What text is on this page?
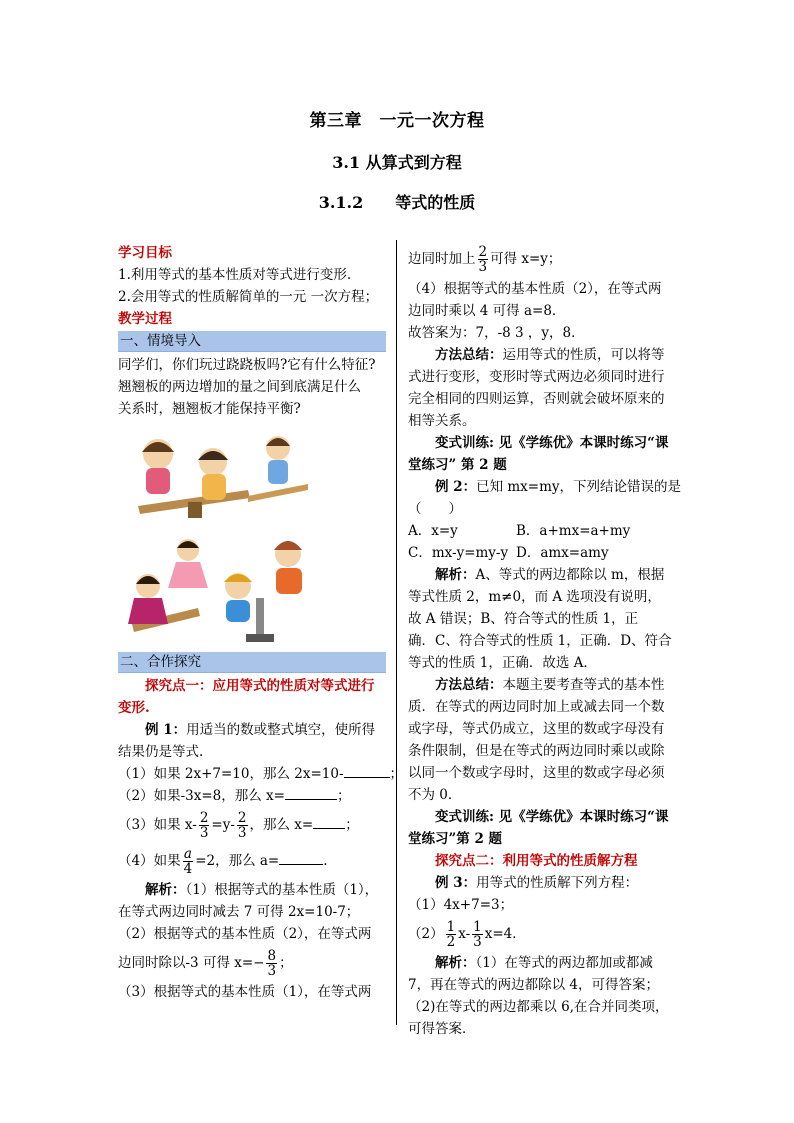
第三章　一元一次方程
3.1 从算式到方程
3.1.2　　等式的性质

学习目标

1.利用等式的基本性质对等式进行变形.

2.会用等式的性质解简单的一元 一次方程；

教学过程

一、情境导入

同学们，你们玩过跷跷板吗?它有什么特征?

翘翘板的两边增加的量之间到底满足什么

关系时，翘翘板才能保持平衡?

二、合作探究

探究点一：应用等式的性质对等式进行

变形.

例 1：用适当的数或整式填空，使所得

结果仍是等式.

（1）如果 2x+7=10，那么 2x=10-	；

（2）如果-3x=8，那么 x=	；

（3）如果 $x- \frac{2}{3} =y- \frac{2}{3}$ ，那么 x= ；

（4）如果 $\frac{a}{4} =2$，那么 a=	.

解析：（1）根据等式的基本性质（1），

在等式两边同时减去 7 可得 2x=10-7；

（2）根据等式的基本性质（2），在等式两

边同时除以-3 可得 $x=- \frac{8}{3}$ ；

（3）根据等式的基本性质（1），在等式两

边同时加上 $\frac{2}{3}$ 可得 x=y；

（4）根据等式的基本性质（2），在等式两

边同时乘以 4 可得 a=8．

故答案为：7，-8 3 ，y，8．

方法总结：运用等式的性质，可以将等

式进行变形，变形时等式两边必须同时进行

完全相同的四则运算，否则就会破坏原来的

相等关系。

变式训练: 见《学练优》本课时练习“课

堂练习” 第 2 题

例 2：已知 mx=my，下列结论错误的是

（　　）

A．x=y	B．a+mx=a+my

C．mx-y=my-y D．amx=amy

解析：A、等式的两边都除以 m，根据

等式性质 2，m≠0，而 A 选项没有说明，

故 A 错误；B、符合等式的性质 1，正

确．C、符合等式的性质 1，正确．D、符合

等式的性质 1，正确．故选 A．

方法总结：本题主要考查等式的基本性

质．在等式的两边同时加上或减去同一个数

或字母，等式仍成立，这里的数或字母没有

条件限制，但是在等式的两边同时乘以或除

以同一个数或字母时，这里的数或字母必须

不为 0．

变式训练: 见《学练优》本课时练习“课

堂练习”第 2 题

探究点二：利用等式的性质解方程

例 3：用等式的性质解下列方程：

（1）4x+7=3；

$(2) \frac{1}{2} x- \frac{1}{3} x=4$．

解析：（1）在等式的两边都加或都减

7，再在等式的两边都除以 4，可得答案；

（2)在等式的两边都乘以 6,在合并同类项，

可得答案．
